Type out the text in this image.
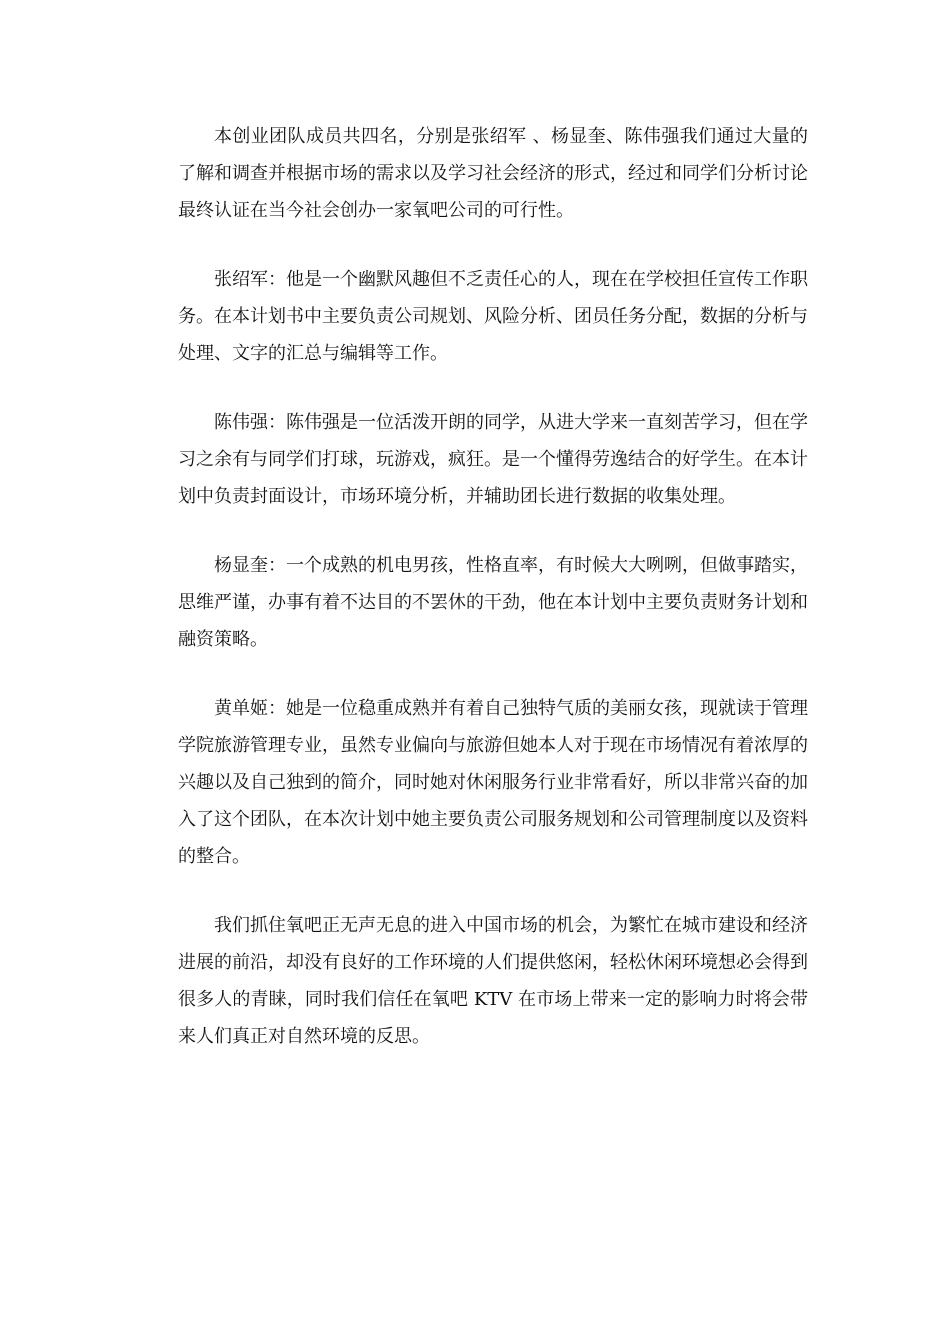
本创业团队成员共四名，分别是张绍军 、杨显奎、陈伟强我们通过大量的了解和调查并根据市场的需求以及学习社会经济的形式，经过和同学们分析讨论最终认证在当今社会创办一家氧吧公司的可行性。

张绍军：他是一个幽默风趣但不乏责任心的人，现在在学校担任宣传工作职务。在本计划书中主要负责公司规划、风险分析、团员任务分配，数据的分析与处理、文字的汇总与编辑等工作。

陈伟强：陈伟强是一位活泼开朗的同学，从进大学来一直刻苦学习，但在学习之余有与同学们打球，玩游戏，疯狂。是一个懂得劳逸结合的好学生。在本计划中负责封面设计，市场环境分析，并辅助团长进行数据的收集处理。

杨显奎：一个成熟的机电男孩，性格直率，有时候大大咧咧，但做事踏实，思维严谨，办事有着不达目的不罢休的干劲，他在本计划中主要负责财务计划和融资策略。

黄单姬：她是一位稳重成熟并有着自己独特气质的美丽女孩，现就读于管理学院旅游管理专业，虽然专业偏向与旅游但她本人对于现在市场情况有着浓厚的兴趣以及自己独到的简介，同时她对休闲服务行业非常看好，所以非常兴奋的加入了这个团队，在本次计划中她主要负责公司服务规划和公司管理制度以及资料的整合。

我们抓住氧吧正无声无息的进入中国市场的机会，为繁忙在城市建设和经济进展的前沿，却没有良好的工作环境的人们提供悠闲，轻松休闲环境想必会得到很多人的青睐，同时我们信任在氧吧 KTV 在市场上带来一定的影响力时将会带来人们真正对自然环境的反思。
